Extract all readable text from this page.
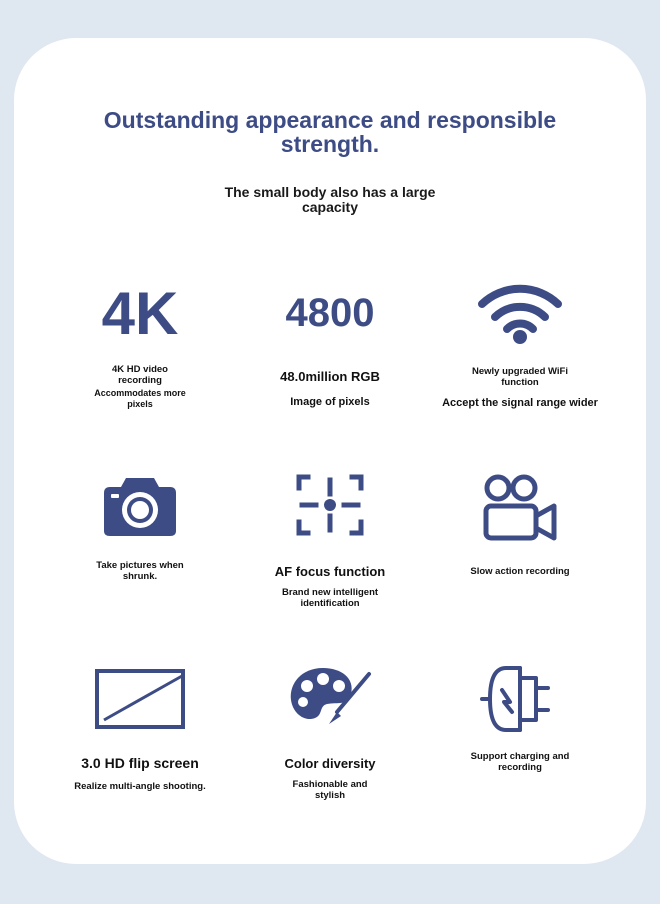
Outstanding appearance and responsible strength.
The small body also has a large capacity
4K
4K HD video recording
Accommodates more pixels
4800
48.0million RGB
Image of pixels
Newly upgraded WiFi function
Accept the signal range wider
Take pictures when shrunk.	AF focus function
Brand new intelligent identification
Slow action recording
3.0 HD flip screen
Realize multi-angle shooting.
Color diversity
Fashionable and stylish
Support charging and recording
